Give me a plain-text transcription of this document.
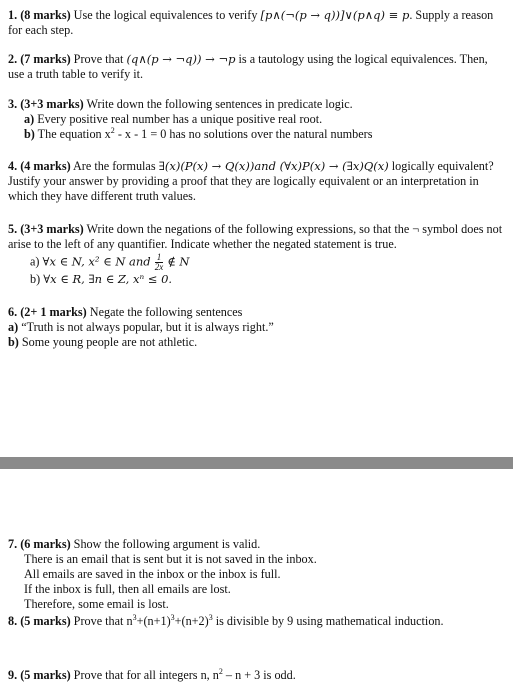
1. (8 marks) Use the logical equivalences to verify [p∧(¬(p → q))]∨(p∧q) ≡ p. Supply a reason for each step.
2. (7 marks) Prove that (q∧(p → ¬q)) → ¬p is a tautology using the logical equivalences. Then, use a truth table to verify it.
3. (3+3 marks) Write down the following sentences in predicate logic.
a) Every positive real number has a unique positive real root.
b) The equation $x^2 - x - 1 = 0$ has no solutions over the natural numbers
4. (4 marks) Are the formulas ∃(x)(P(x) → Q(x))and (∀x)P(x) → (∃x)Q(x) logically equivalent? Justify your answer by providing a proof that they are logically equivalent or an interpretation in which they have different truth values.
5. (3+3 marks) Write down the negations of the following expressions, so that the ¬ symbol does not arise to the left of any quantifier. Indicate whether the negated statement is true.
a) ∀x ∈ N, x² ∈ N and $\frac{1}{2x}$ ∉ N
b) ∀x ∈ R, ∃n ∈ Z, xⁿ ≤ 0.
6. (2+ 1 marks) Negate the following sentences
a) “Truth is not always popular, but it is always right.”
b) Some young people are not athletic.
7. (6 marks) Show the following argument is valid.
There is an email that is sent but it is not saved in the inbox.
All emails are saved in the inbox or the inbox is full.
If the inbox is full, then all emails are lost.
Therefore, some email is lost.
8. (5 marks) Prove that $n^3+(n+1)^3+(n+2)^3$ is divisible by 9 using mathematical induction.
9. (5 marks) Prove that for all integers n, $n^2 - n + 3$ is odd.
